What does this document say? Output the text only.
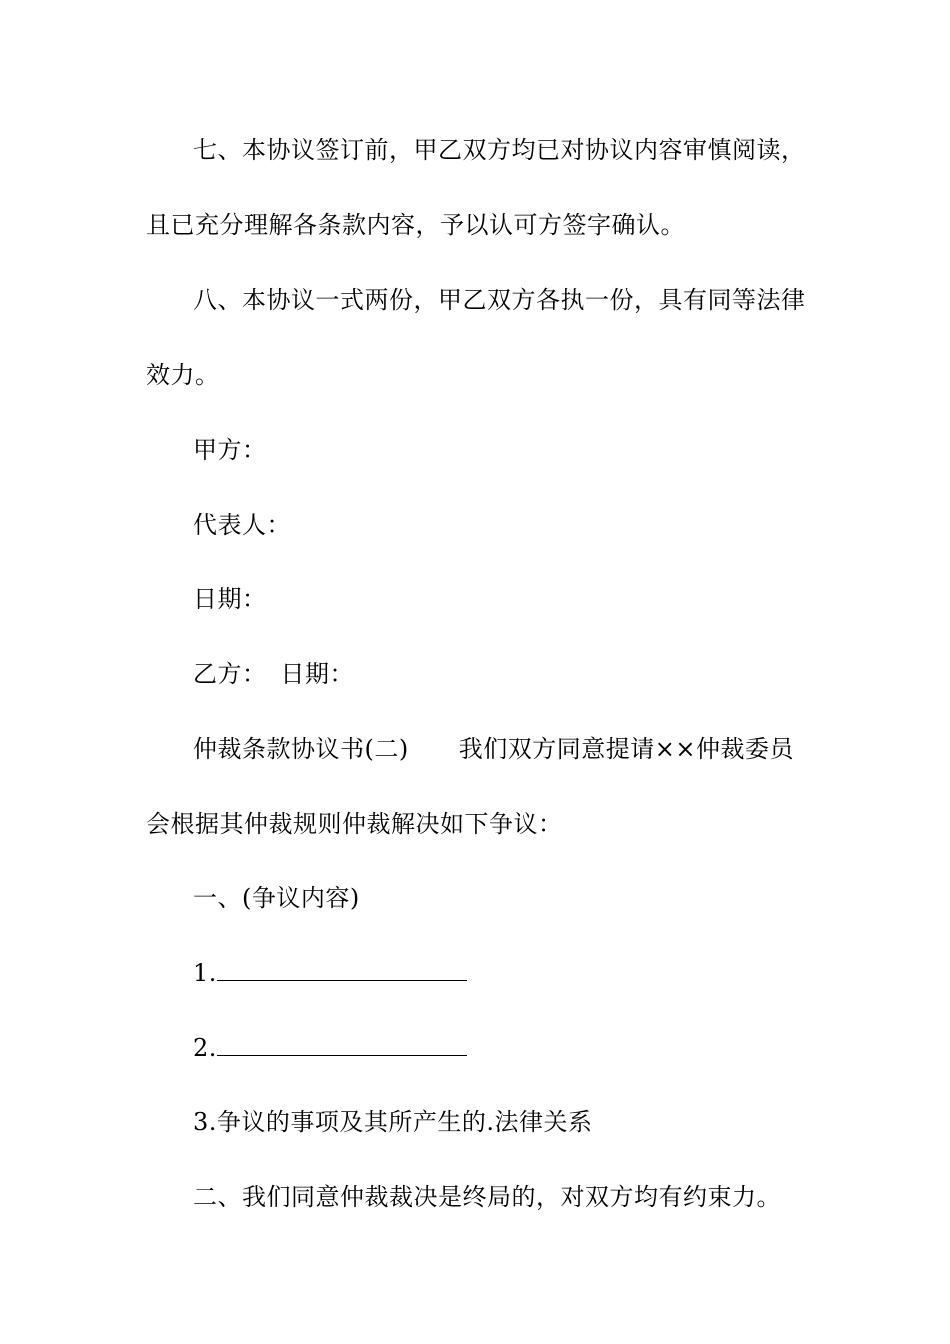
七、本协议签订前，甲乙双方均已对协议内容审慎阅读，
且已充分理解各条款内容，予以认可方签字确认。
八、本协议一式两份，甲乙双方各执一份，具有同等法律
效力。
甲方：
代表人：
日期：
乙方： 日期：
仲裁条款协议书(二) 我们双方同意提请××仲裁委员
会根据其仲裁规则仲裁解决如下争议：
一、(争议内容)
1.
2.
3.争议的事项及其所产生的.法律关系
二、我们同意仲裁裁决是终局的，对双方均有约束力。
